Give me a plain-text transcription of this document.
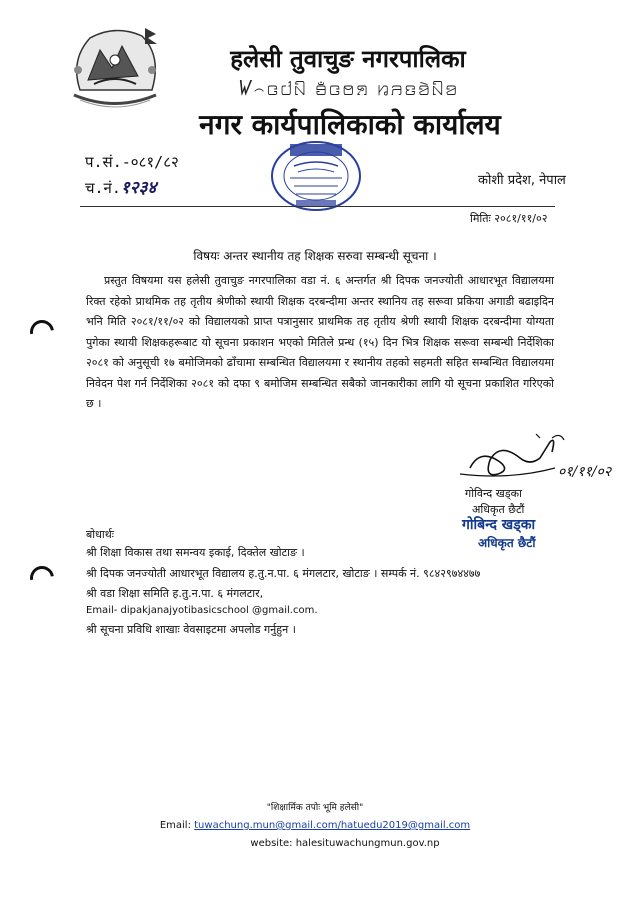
हलेसी तुवाचुङ नगरपालिका
ꤿ꤮ꤍꤓꤡ ꤋꤪꤍꤥꤎ ꤙꤏꤢꤤꤧꤡꤤ
नगर कार्यपालिकाको कार्यालय
प.सं.-०८१/८२
च.नं.१२३४	कोशी प्रदेश, नेपाल
मितिः २०८१/११/०२
विषयः अन्तर स्थानीय तह शिक्षक सरुवा सम्बन्धी सूचना ।
प्रस्तुत विषयमा यस हलेसी तुवाचुङ नगरपालिका वडा नं. ६ अन्तर्गत श्री दिपक जनज्योती आधारभूत विद्यालयमा रिक्त रहेको प्राथमिक तह तृतीय श्रेणीको स्थायी शिक्षक दरबन्दीमा अन्तर स्थानिय तह सरूवा प्रकिया अगाडी बढाइदिन भनि मिति २०८१/११/०२ को विद्यालयको प्राप्त पत्रानुसार प्राथमिक तह तृतीय श्रेणी स्थायी शिक्षक दरबन्दीमा योग्यता पुगेका स्थायी शिक्षकहरूबाट यो सूचना प्रकाशन भएको मितिले प्रन्ध (१५) दिन भित्र शिक्षक सरूवा सम्बन्धी निर्देशिका २०८१ को अनुसूची १७ बमोजिमको ढाँचामा सम्बन्धित विद्यालयमा र स्थानीय तहको सहमती सहित सम्बन्धित विद्यालयमा निवेदन पेश गर्न निर्देशिका २०८१ को दफा ९ बमोजिम सम्बन्धित सबैको जानकारीका लागि यो सूचना प्रकाशित गरिएको छ ।
०१/११/०२
गोविन्द खड्का
अधिकृत छैटौं
गोबिन्द खड्का
अधिकृत छैटौं
बोधार्थः
श्री शिक्षा विकास तथा समन्वय इकाई, दिक्तेल खोटाङ ।
श्री दिपक जनज्योती आधारभूत विद्यालय ह.तु.न.पा. ६ मंगलटार, खोटाङ । सम्पर्क नं. ९८४२९७४४७७
श्री वडा शिक्षा समिति ह.तु.न.पा. ६ मंगलटार,
Email- dipakjanajyotibasicschool @gmail.com.
श्री सूचना प्रविधि शाखाः वेवसाइटमा अपलोड गर्नुहुन ।
"शिक्षार्मिक तपोः भूमि हलेसी"
Email: tuwachung.mun@gmail.com/hatuedu2019@gmail.com
website: halesituwachungmun.gov.np
